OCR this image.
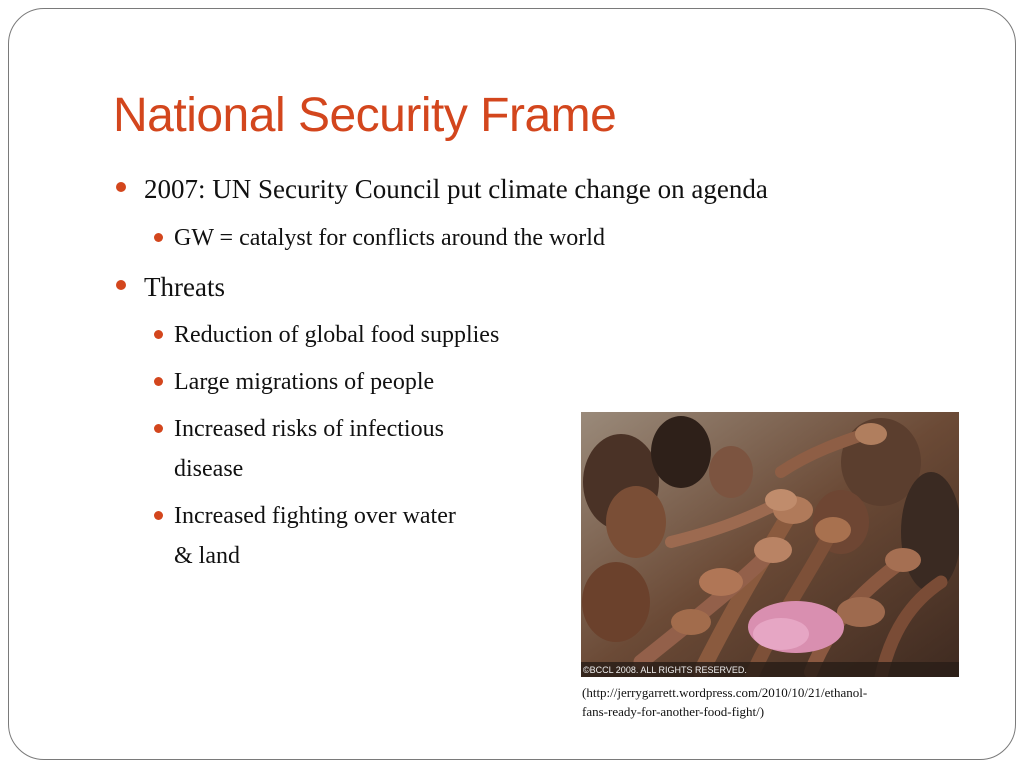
National Security Frame
2007: UN Security Council put climate change on agenda
GW = catalyst for conflicts around the world
Threats
Reduction of global food supplies
Large migrations of people
Increased risks of infectious
disease
Increased fighting over water
& land
©BCCL 2008. ALL RIGHTS RESERVED.
(http://jerrygarrett.wordpress.com/2010/10/21/ethanol-
fans-ready-for-another-food-fight/)
